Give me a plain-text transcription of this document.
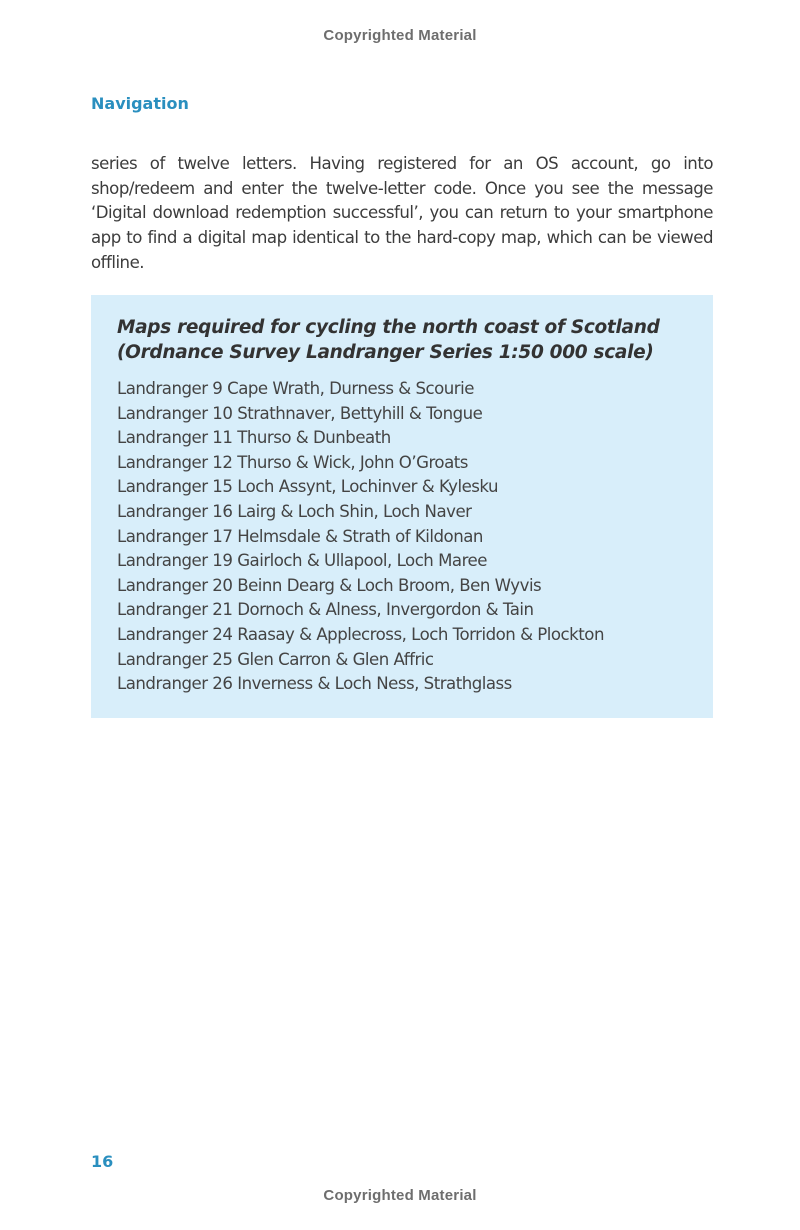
Copyrighted Material
Navigation

series of twelve letters. Having registered for an OS account, go into shop/redeem and enter the twelve-letter code. Once you see the message ‘Digital download redemption successful’, you can return to your smartphone app to find a digital map identical to the hard-copy map, which can be viewed offline.

Maps required for cycling the north coast of Scotland
(Ordnance Survey Landranger Series 1:50 000 scale)
Landranger 9 Cape Wrath, Durness & Scourie
Landranger 10 Strathnaver, Bettyhill & Tongue
Landranger 11 Thurso & Dunbeath
Landranger 12 Thurso & Wick, John O’Groats
Landranger 15 Loch Assynt, Lochinver & Kylesku
Landranger 16 Lairg & Loch Shin, Loch Naver
Landranger 17 Helmsdale & Strath of Kildonan
Landranger 19 Gairloch & Ullapool, Loch Maree
Landranger 20 Beinn Dearg & Loch Broom, Ben Wyvis
Landranger 21 Dornoch & Alness, Invergordon & Tain
Landranger 24 Raasay & Applecross, Loch Torridon & Plockton
Landranger 25 Glen Carron & Glen Affric
Landranger 26 Inverness & Loch Ness, Strathglass
16
Copyrighted Material
